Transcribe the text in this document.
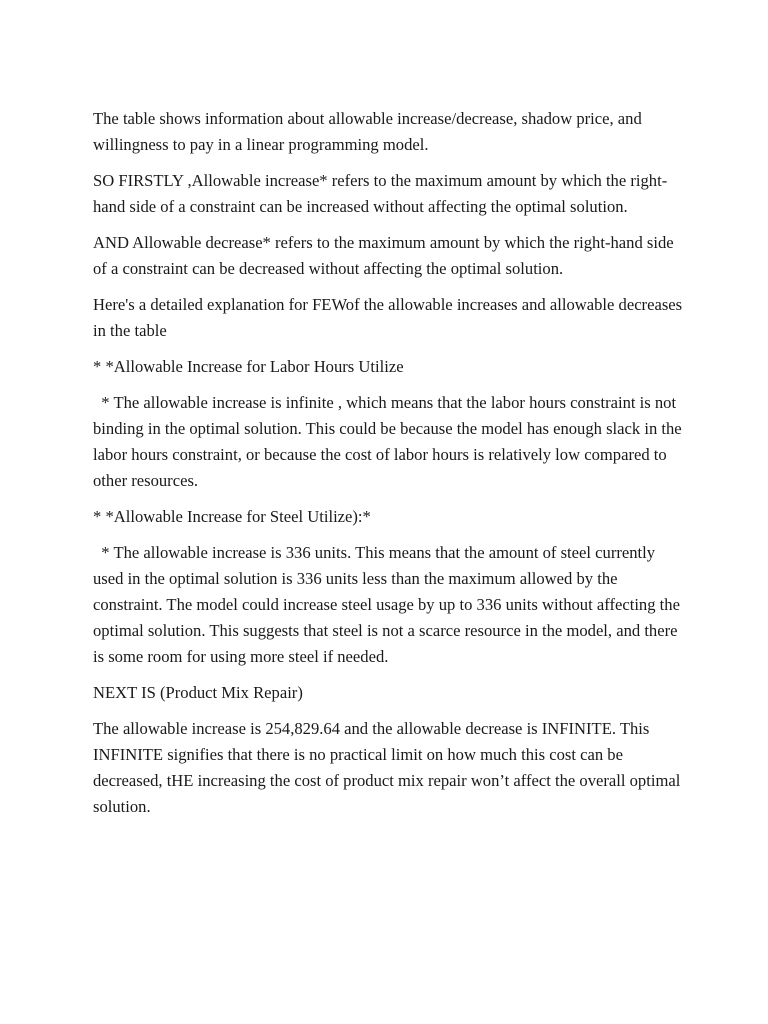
The table shows information about allowable increase/decrease, shadow price, and willingness to pay in a linear programming model.

SO FIRSTLY ,Allowable increase* refers to the maximum amount by which the right-hand side of a constraint can be increased without affecting the optimal solution.

AND Allowable decrease* refers to the maximum amount by which the right-hand side of a constraint can be decreased without affecting the optimal solution.

Here's a detailed explanation for FEWof the allowable increases and allowable decreases in the table

* *Allowable Increase for Labor Hours Utilize

* The allowable increase is infinite , which means that the labor hours constraint is not binding in the optimal solution. This could be because the model has enough slack in the labor hours constraint, or because the cost of labor hours is relatively low compared to other resources.

* *Allowable Increase for Steel Utilize):*

* The allowable increase is 336 units. This means that the amount of steel currently used in the optimal solution is 336 units less than the maximum allowed by the constraint. The model could increase steel usage by up to 336 units without affecting the optimal solution. This suggests that steel is not a scarce resource in the model, and there is some room for using more steel if needed.

NEXT IS (Product Mix Repair)

The allowable increase is 254,829.64 and the allowable decrease is INFINITE. This INFINITE signifies that there is no practical limit on how much this cost can be decreased, tHE increasing the cost of product mix repair won’t affect the overall optimal solution.
